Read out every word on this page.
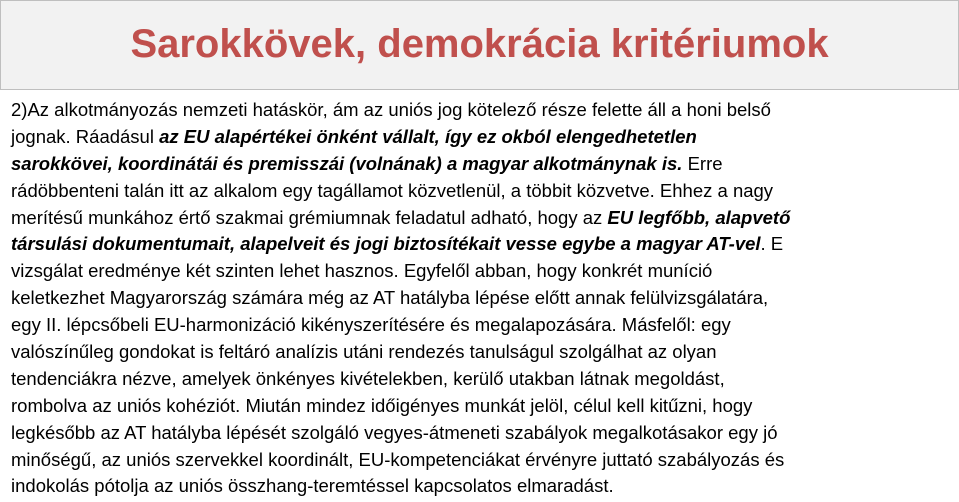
Sarokkövek, demokrácia kritériumok
2)Az alkotmányozás nemzeti hatáskör, ám az uniós jog kötelező része felette áll a honi belső
jognak. Ráadásul az EU alapértékei önként vállalt, így ez okból elengedhetetlen
sarokkövei, koordinátái és premisszái (volnának) a magyar alkotmánynak is. Erre
rádöbbenteni talán itt az alkalom egy tagállamot közvetlenül, a többit közvetve. Ehhez a nagy
merítésű munkához értő szakmai grémiumnak feladatul adható, hogy az EU legfőbb, alapvető
társulási dokumentumait, alapelveit és jogi biztosítékait vesse egybe a magyar AT-vel. E
vizsgálat eredménye két szinten lehet hasznos. Egyfelől abban, hogy konkrét muníció
keletkezhet Magyarország számára még az AT hatályba lépése előtt annak felülvizsgálatára,
egy II. lépcsőbeli EU-harmonizáció kikényszerítésére és megalapozására. Másfelől: egy
valószínűleg gondokat is feltáró analízis utáni rendezés tanulságul szolgálhat az olyan
tendenciákra nézve, amelyek önkényes kivételekben, kerülő utakban látnak megoldást,
rombolva az uniós kohéziót. Miután mindez időigényes munkát jelöl, célul kell kitűzni, hogy
legkésőbb az AT hatályba lépését szolgáló vegyes-átmeneti szabályok megalkotásakor egy jó
minőségű, az uniós szervekkel koordinált, EU-kompetenciákat érvényre juttató szabályozás és
indokolás pótolja az uniós összhang-teremtéssel kapcsolatos elmaradást.
